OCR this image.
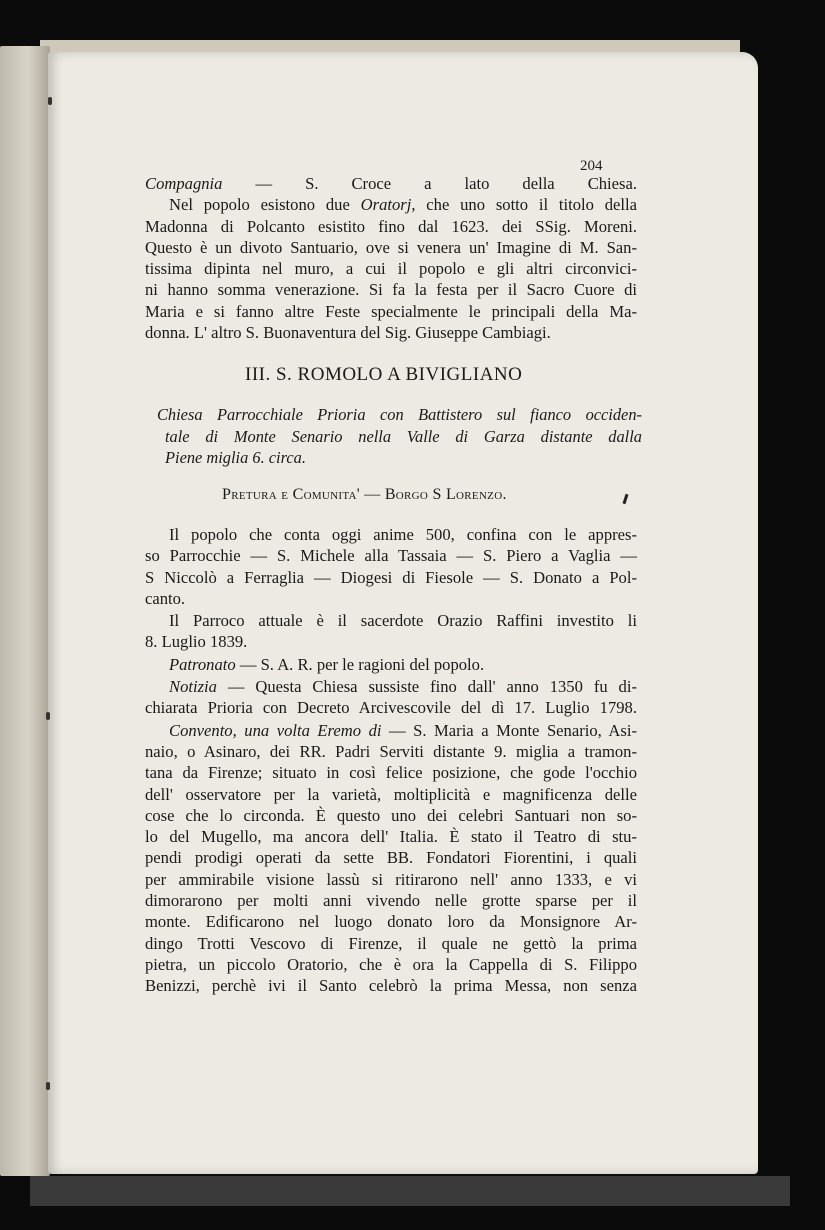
204
Compagnia — S. Croce a lato della Chiesa.
Nel popolo esistono due Oratorj, che uno sotto il titolo della
Madonna di Polcanto esistito fino dal 1623. dei SSig. Moreni.
Questo è un divoto Santuario, ove si venera un' Imagine di M. San-
tissima dipinta nel muro, a cui il popolo e gli altri circonvici-
ni hanno somma venerazione. Si fa la festa per il Sacro Cuore di
Maria e si fanno altre Feste specialmente le principali della Ma-
donna. L' altro S. Buonaventura del Sig. Giuseppe Cambiagi.
III. S. ROMOLO A BIVIGLIANO
Chiesa Parrocchiale Prioria con Battistero sul fianco occiden-
tale di Monte Senario nella Valle di Garza distante dalla
Piene miglia 6. circa.
Pretura e Comunita' — Borgo S Lorenzo.
Il popolo che conta oggi anime 500, confina con le appres-
so Parrocchie — S. Michele alla Tassaia — S. Piero a Vaglia —
S Niccolò a Ferraglia — Diogesi di Fiesole — S. Donato a Pol-
canto.
Il Parroco attuale è il sacerdote Orazio Raffini investito li
8. Luglio 1839.
Patronato — S. A. R. per le ragioni del popolo.
Notizia — Questa Chiesa sussiste fino dall' anno 1350 fu di-
chiarata Prioria con Decreto Arcivescovile del dì 17. Luglio 1798.
Convento, una volta Eremo di — S. Maria a Monte Senario, Asi-
naio, o Asinaro, dei RR. Padri Serviti distante 9. miglia a tramon-
tana da Firenze; situato in così felice posizione, che gode l'occhio
dell' osservatore per la varietà, moltiplicità e magnificenza delle
cose che lo circonda. È questo uno dei celebri Santuari non so-
lo del Mugello, ma ancora dell' Italia. È stato il Teatro di stu-
pendi prodigi operati da sette BB. Fondatori Fiorentini, i quali
per ammirabile visione lassù si ritirarono nell' anno 1333, e vi
dimorarono per molti anni vivendo nelle grotte sparse per il
monte. Edificarono nel luogo donato loro da Monsignore Ar-
dingo Trotti Vescovo di Firenze, il quale ne gettò la prima
pietra, un piccolo Oratorio, che è ora la Cappella di S. Filippo
Benizzi, perchè ivi il Santo celebrò la prima Messa, non senza
